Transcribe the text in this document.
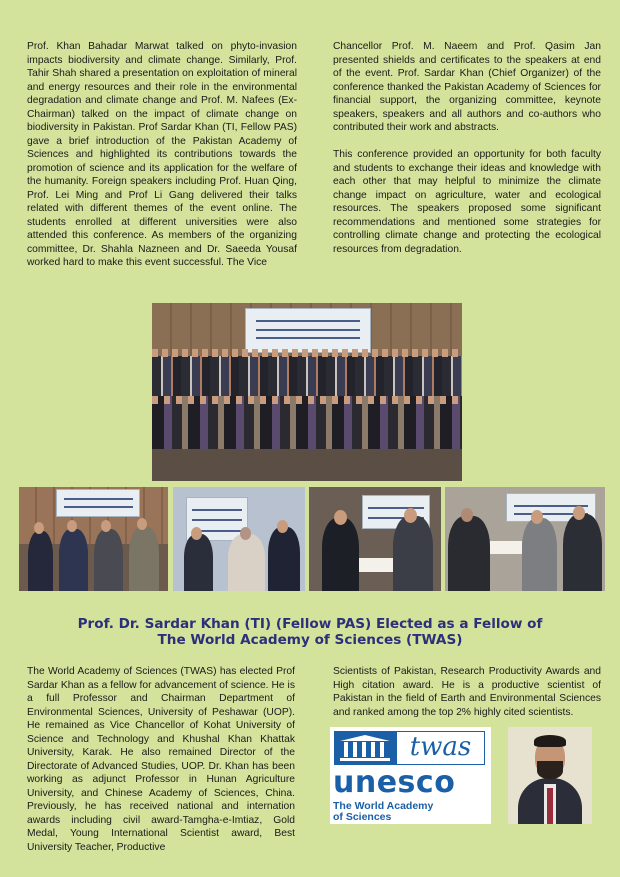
Prof. Khan Bahadar Marwat talked on phyto-invasion impacts biodiversity and climate change. Similarly, Prof. Tahir Shah shared a presentation on exploitation of mineral and energy resources and their role in the environmental degradation and climate change and Prof. M. Nafees (Ex-Chairman) talked on the impact of climate change on biodiversity in Pakistan. Prof Sardar Khan (TI, Fellow PAS) gave a brief introduction of the Pakistan Academy of Sciences and highlighted its contributions towards the promotion of science and its application for the welfare of the humanity. Foreign speakers including Prof. Huan Qing, Prof. Lei Ming and Prof Li Gang delivered their talks related with different themes of the event online. The students enrolled at different universities were also attended this conference. As members of the organizing committee, Dr. Shahla Nazneen and Dr. Saeeda Yousaf worked hard to make this event successful. The Vice

Chancellor Prof. M. Naeem and Prof. Qasim Jan presented shields and certificates to the speakers at end of the event. Prof. Sardar Khan (Chief Organizer) of the conference thanked the Pakistan Academy of Sciences for financial support, the organizing committee, keynote speakers, speakers and all authors and co-authors who contributed their work and abstracts.

This conference provided an opportunity for both faculty and students to exchange their ideas and knowledge with each other that may helpful to minimize the climate change impact on agriculture, water and ecological resources. The speakers proposed some significant recommendations and mentioned some strategies for controlling climate change and protecting the ecological resources from degradation.

Prof. Dr. Sardar Khan (TI) (Fellow PAS) Elected as a Fellow of
The World Academy of Sciences (TWAS)

The World Academy of Sciences (TWAS) has elected Prof Sardar Khan as a fellow for advancement of science. He is a full Professor and Chairman Department of Environmental Sciences, University of Peshawar (UOP). He remained as Vice Chancellor of Kohat University of Science and Technology and Khushal Khan Khattak University, Karak. He also remained Director of the Directorate of Advanced Studies, UOP. Dr. Khan has been working as adjunct Professor in Hunan Agriculture University, and Chinese Academy of Sciences, China. Previously, he has received national and internation awards including civil award-Tamgha-e-Imtiaz, Gold Medal, Young International Scientist award, Best University Teacher, Productive

Scientists of Pakistan, Research Productivity Awards and High citation award. He is a productive scientist of Pakistan in the field of Earth and Environmental Sciences and ranked among the top 2% highly cited scientists.

twas
unesco
The World Academy
of Sciences
